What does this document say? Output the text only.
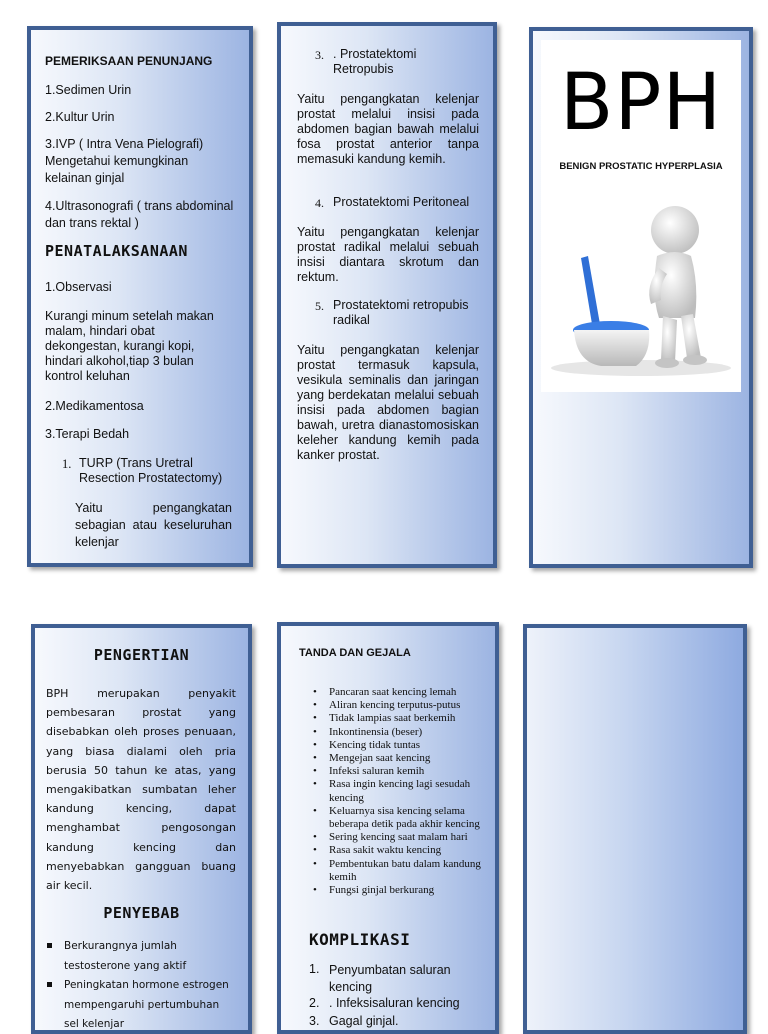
PEMERIKSAAN PENUNJANG
1.Sedimen Urin
2.Kultur Urin
3.IVP ( Intra Vena Pielografi) Mengetahui kemungkinan kelainan ginjal
4.Ultrasonografi ( trans abdominal dan trans rektal )
PENATALAKSANAAN
1.Observasi
Kurangi minum setelah makan malam, hindari obat dekongestan, kurangi kopi, hindari alkohol,tiap 3 bulan kontrol keluhan
2.Medikamentosa
3.Terapi Bedah
1. TURP (Trans Uretral Resection Prostatectomy)
Yaitu pengangkatan sebagian atau keseluruhan kelenjar
3. . Prostatektomi Retropubis
Yaitu pengangkatan kelenjar prostat melalui insisi pada abdomen bagian bawah melalui fosa prostat anterior tanpa memasuki kandung kemih.
4. Prostatektomi Peritoneal
Yaitu pengangkatan kelenjar prostat radikal melalui sebuah insisi diantara skrotum dan rektum.
5. Prostatektomi retropubis radikal
Yaitu pengangkatan kelenjar prostat termasuk kapsula, vesikula seminalis dan jaringan yang berdekatan melalui sebuah insisi pada abdomen bagian bawah, uretra dianastomosiskan keleher kandung kemih pada kanker prostat.
BPH
BENIGN PROSTATIC HYPERPLASIA
PENGERTIAN
BPH merupakan penyakit pembesaran prostat yang disebabkan oleh proses penuaan, yang biasa dialami oleh pria berusia 50 tahun ke atas, yang mengakibatkan sumbatan leher kandung kencing, dapat menghambat pengosongan kandung kencing dan menyebabkan gangguan buang air kecil.
PENYEBAB
Berkurangnya jumlah testosterone yang aktif
Peningkatan hormone estrogen mempengaruhi pertumbuhan sel kelenjar
TANDA DAN GEJALA
• Pancaran saat kencing lemah
• Aliran kencing terputus-putus
• Tidak lampias saat berkemih
• Inkontinensia (beser)
• Kencing tidak tuntas
• Mengejan saat kencing
• Infeksi saluran kemih
• Rasa ingin kencing lagi sesudah kencing
• Keluarnya sisa kencing selama beberapa detik pada akhir kencing
• Sering kencing saat malam hari
• Rasa sakit waktu kencing
• Pembentukan batu dalam kandung kemih
• Fungsi ginjal berkurang
KOMPLIKASI
1. Penyumbatan saluran kencing
2. . Infeksisaluran kencing
3. Gagal ginjal.
